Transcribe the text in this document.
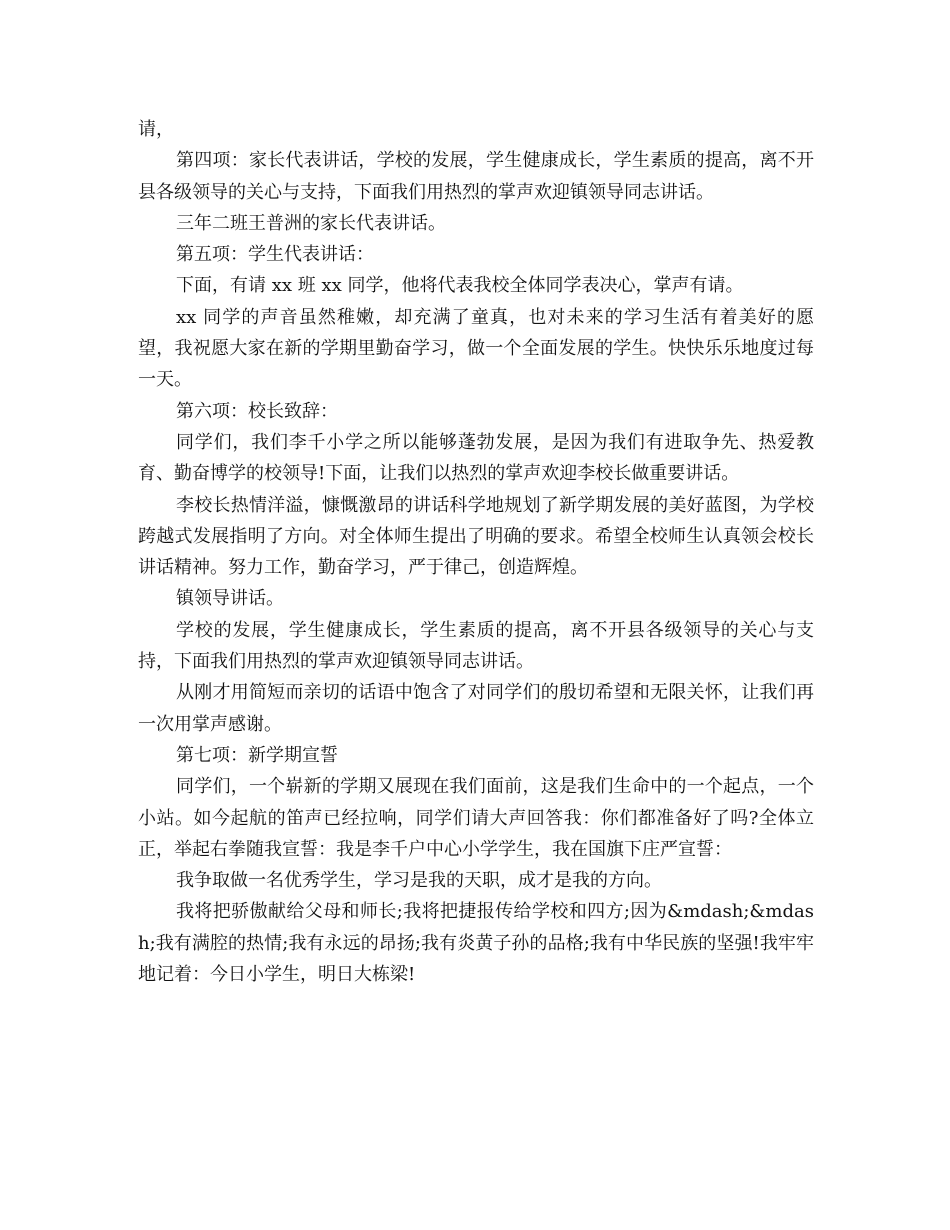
请，

第四项：家长代表讲话，学校的发展，学生健康成长，学生素质的提高，离不开县各级领导的关心与支持，下面我们用热烈的掌声欢迎镇领导同志讲话。

三年二班王普洲的家长代表讲话。

第五项：学生代表讲话：

下面，有请 xx 班 xx 同学，他将代表我校全体同学表决心，掌声有请。

xx 同学的声音虽然稚嫩，却充满了童真，也对未来的学习生活有着美好的愿望，我祝愿大家在新的学期里勤奋学习，做一个全面发展的学生。快快乐乐地度过每一天。

第六项：校长致辞：

同学们，我们李千小学之所以能够蓬勃发展，是因为我们有进取争先、热爱教育、勤奋博学的校领导!下面，让我们以热烈的掌声欢迎李校长做重要讲话。

李校长热情洋溢，慷慨激昂的讲话科学地规划了新学期发展的美好蓝图，为学校跨越式发展指明了方向。对全体师生提出了明确的要求。希望全校师生认真领会校长讲话精神。努力工作，勤奋学习，严于律己，创造辉煌。

镇领导讲话。

学校的发展，学生健康成长，学生素质的提高，离不开县各级领导的关心与支持，下面我们用热烈的掌声欢迎镇领导同志讲话。

从刚才用简短而亲切的话语中饱含了对同学们的殷切希望和无限关怀，让我们再一次用掌声感谢。

第七项：新学期宣誓

同学们，一个崭新的学期又展现在我们面前，这是我们生命中的一个起点，一个小站。如今起航的笛声已经拉响，同学们请大声回答我：你们都准备好了吗?全体立正，举起右拳随我宣誓：我是李千户中心小学学生，我在国旗下庄严宣誓：

我争取做一名优秀学生，学习是我的天职，成才是我的方向。

我将把骄傲献给父母和师长;我将把捷报传给学校和四方;因为&mdash;&mdash;我有满腔的热情;我有永远的昂扬;我有炎黄子孙的品格;我有中华民族的坚强!我牢牢地记着：今日小学生，明日大栋梁!
